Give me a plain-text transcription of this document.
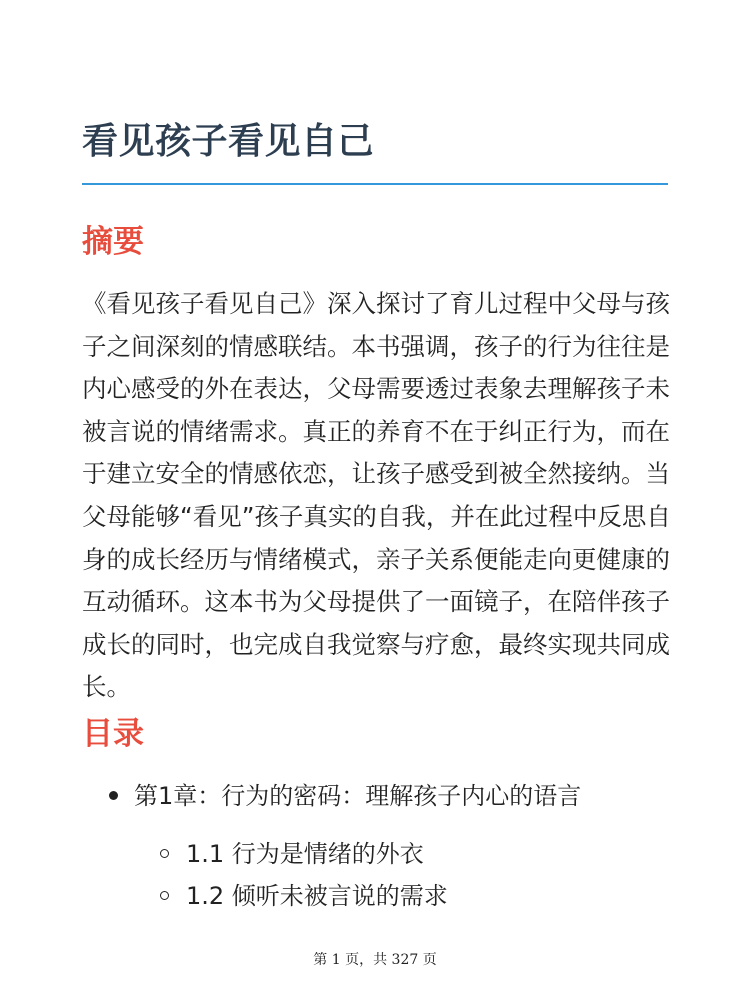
看见孩子看见自己
摘要

《看见孩子看见自己》深入探讨了育儿过程中父母与孩子之间深刻的情感联结。本书强调，孩子的行为往往是内心感受的外在表达，父母需要透过表象去理解孩子未被言说的情绪需求。真正的养育不在于纠正行为，而在于建立安全的情感依恋，让孩子感受到被全然接纳。当父母能够“看见”孩子真实的自我，并在此过程中反思自身的成长经历与情绪模式，亲子关系便能走向更健康的互动循环。这本书为父母提供了一面镜子，在陪伴孩子成长的同时，也完成自我觉察与疗愈，最终实现共同成长。

目录
第1章：行为的密码：理解孩子内心的语言
1.1 行为是情绪的外衣
1.2 倾听未被言说的需求
第 1 页，共 327 页
